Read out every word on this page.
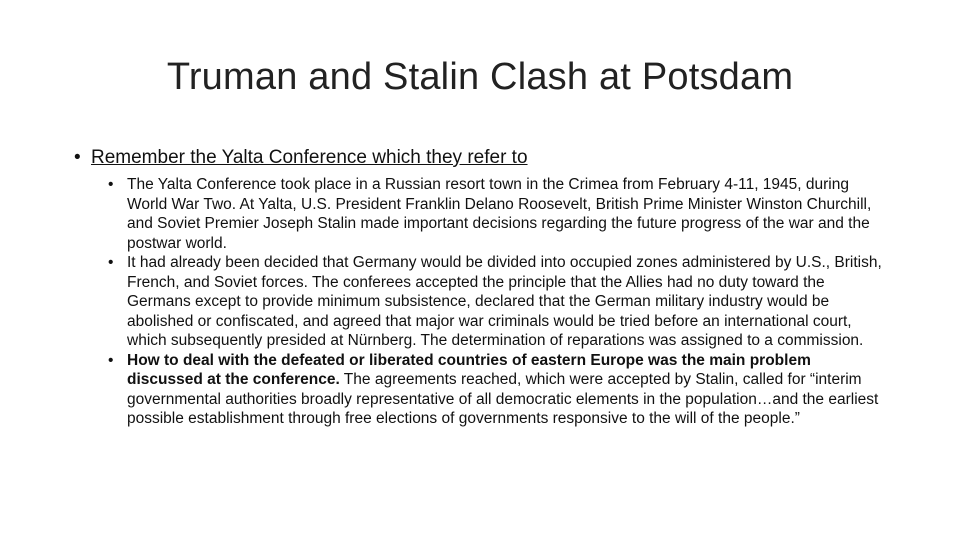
Truman and Stalin Clash at Potsdam
• Remember the Yalta Conference which they refer to
• The Yalta Conference took place in a Russian resort town in the Crimea from February 4-11, 1945, during World War Two. At Yalta, U.S. President Franklin Delano Roosevelt, British Prime Minister Winston Churchill, and Soviet Premier Joseph Stalin made important decisions regarding the future progress of the war and the postwar world.
• It had already been decided that Germany would be divided into occupied zones administered by U.S., British, French, and Soviet forces. The conferees accepted the principle that the Allies had no duty toward the Germans except to provide minimum subsistence, declared that the German military industry would be abolished or confiscated, and agreed that major war criminals would be tried before an international court, which subsequently presided at Nürnberg. The determination of reparations was assigned to a commission.
• How to deal with the defeated or liberated countries of eastern Europe was the main problem discussed at the conference. The agreements reached, which were accepted by Stalin, called for “interim governmental authorities broadly representative of all democratic elements in the population…and the earliest possible establishment through free elections of governments responsive to the will of the people.”
